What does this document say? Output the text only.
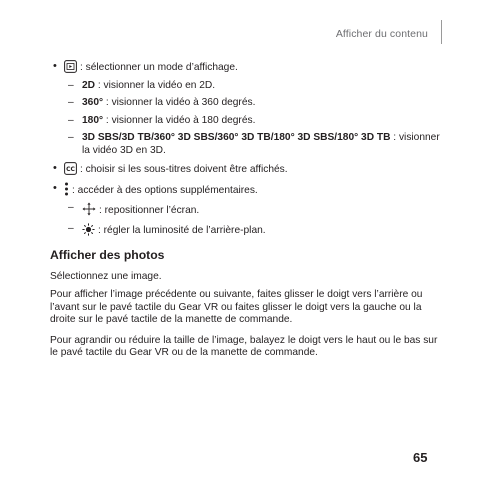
Afficher du contenu
• : sélectionner un mode d’affichage.
– 2D : visionner la vidéo en 2D.
– 360° : visionner la vidéo à 360 degrés.
– 180° : visionner la vidéo à 180 degrés.
– 3D SBS/3D TB/360° 3D SBS/360° 3D TB/180° 3D SBS/180° 3D TB : visionner la vidéo 3D en 3D.
• CC : choisir si les sous-titres doivent être affichés.
• : accéder à des options supplémentaires.
– : repositionner l’écran.
– : régler la luminosité de l’arrière-plan.
Afficher des photos

Sélectionnez une image.

Pour afficher l’image précédente ou suivante, faites glisser le doigt vers l’arrière ou l’avant sur le pavé tactile du Gear VR ou faites glisser le doigt vers la gauche ou la droite sur le pavé tactile de la manette de commande.

Pour agrandir ou réduire la taille de l’image, balayez le doigt vers le haut ou le bas sur le pavé tactile du Gear VR ou de la manette de commande.

65
